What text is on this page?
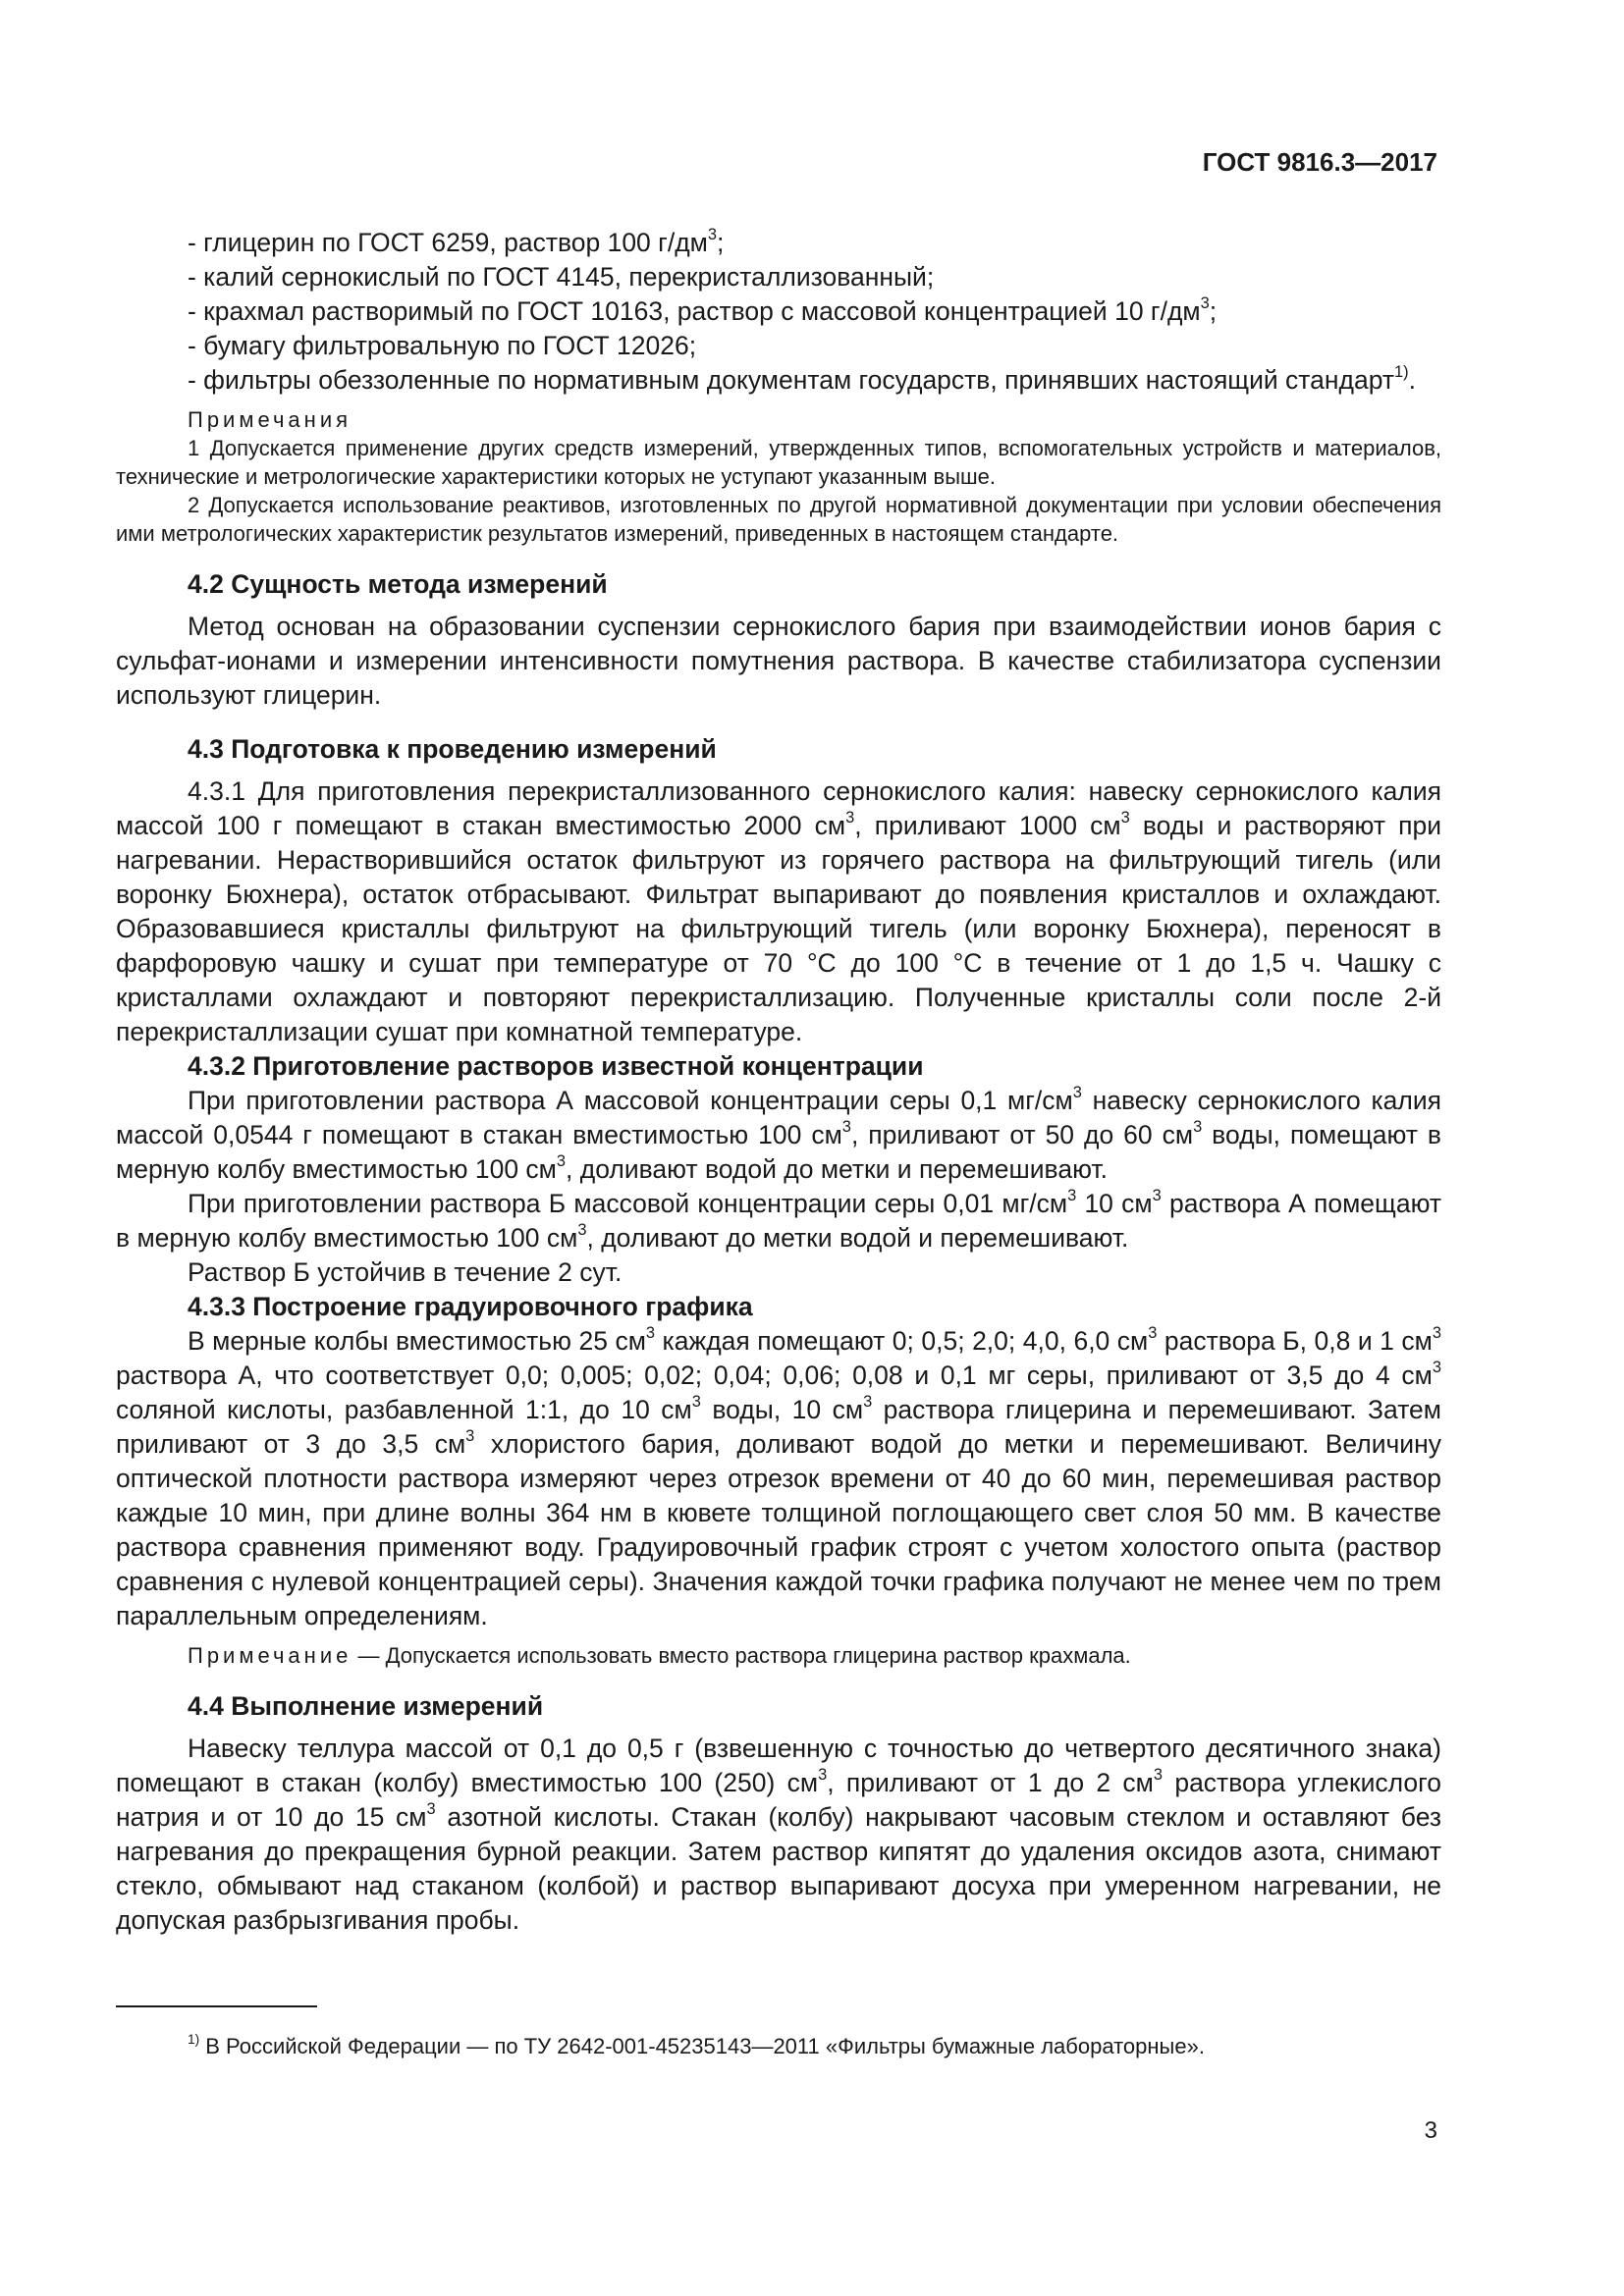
ГОСТ 9816.3—2017

- глицерин по ГОСТ 6259, раствор 100 $г/дм^3$;

- калий сернокислый по ГОСТ 4145, перекристаллизованный;

- крахмал растворимый по ГОСТ 10163, раствор с массовой концентрацией 10 $г/дм^3$;

- бумагу фильтровальную по ГОСТ 12026;

- фильтры обеззоленные по нормативным документам государств, принявших настоящий стандарт$^{1)}$.

Примечания

1 Допускается применение других средств измерений, утвержденных типов, вспомогательных устройств и материалов, технические и метрологические характеристики которых не уступают указанным выше.

2 Допускается использование реактивов, изготовленных по другой нормативной документации при условии обеспечения ими метрологических характеристик результатов измерений, приведенных в настоящем стандарте.

4.2 Сущность метода измерений

Метод основан на образовании суспензии сернокислого бария при взаимодействии ионов бария с сульфат-ионами и измерении интенсивности помутнения раствора. В качестве стабилизатора суспензии используют глицерин.

4.3 Подготовка к проведению измерений

4.3.1 Для приготовления перекристаллизованного сернокислого калия: навеску сернокислого калия массой 100 г помещают в стакан вместимостью 2000 $см^3$, приливают 1000 $см^3$ воды и растворяют при нагревании. Нерастворившийся остаток фильтруют из горячего раствора на фильтрующий тигель (или воронку Бюхнера), остаток отбрасывают. Фильтрат выпаривают до появления кристаллов и охлаждают. Образовавшиеся кристаллы фильтруют на фильтрующий тигель (или воронку Бюхнера), переносят в фарфоровую чашку и сушат при температуре от 70 °С до 100 °С в течение от 1 до 1,5 ч. Чашку с кристаллами охлаждают и повторяют перекристаллизацию. Полученные кристаллы соли после 2-й перекристаллизации сушат при комнатной температуре.

4.3.2 Приготовление растворов известной концентрации

При приготовлении раствора А массовой концентрации серы 0,1 $мг/см^3$ навеску сернокислого калия массой 0,0544 г помещают в стакан вместимостью 100 $см^3$, приливают от 50 до 60 $см^3$ воды, помещают в мерную колбу вместимостью 100 $см^3$, доливают водой до метки и перемешивают.

При приготовлении раствора Б массовой концентрации серы 0,01 $мг/см^3$ 10 $см^3$ раствора А помещают в мерную колбу вместимостью 100 $см^3$, доливают до метки водой и перемешивают.

Раствор Б устойчив в течение 2 сут.

4.3.3 Построение градуировочного графика

В мерные колбы вместимостью 25 $см^3$ каждая помещают 0; 0,5; 2,0; 4,0, 6,0 $см^3$ раствора Б, 0,8 и 1 $см^3$ раствора А, что соответствует 0,0; 0,005; 0,02; 0,04; 0,06; 0,08 и 0,1 мг серы, приливают от 3,5 до 4 $см^3$ соляной кислоты, разбавленной 1:1, до 10 $см^3$ воды, 10 $см^3$ раствора глицерина и перемешивают. Затем приливают от 3 до 3,5 $см^3$ хлористого бария, доливают водой до метки и перемешивают. Величину оптической плотности раствора измеряют через отрезок времени от 40 до 60 мин, перемешивая раствор каждые 10 мин, при длине волны 364 нм в кювете толщиной поглощающего свет слоя 50 мм. В качестве раствора сравнения применяют воду. Градуировочный график строят с учетом холостого опыта (раствор сравнения с нулевой концентрацией серы). Значения каждой точки графика получают не менее чем по трем параллельным определениям.

Примечание — Допускается использовать вместо раствора глицерина раствор крахмала.

4.4 Выполнение измерений

Навеску теллура массой от 0,1 до 0,5 г (взвешенную с точностью до четвертого десятичного знака) помещают в стакан (колбу) вместимостью 100 (250) $см^3$, приливают от 1 до 2 $см^3$ раствора углекислого натрия и от 10 до 15 $см^3$ азотной кислоты. Стакан (колбу) накрывают часовым стеклом и оставляют без нагревания до прекращения бурной реакции. Затем раствор кипятят до удаления оксидов азота, снимают стекло, обмывают над стаканом (колбой) и раствор выпаривают досуха при умеренном нагревании, не допуская разбрызгивания пробы.

$^{1)}$ В Российской Федерации — по ТУ 2642-001-45235143—2011 «Фильтры бумажные лабораторные».
3
